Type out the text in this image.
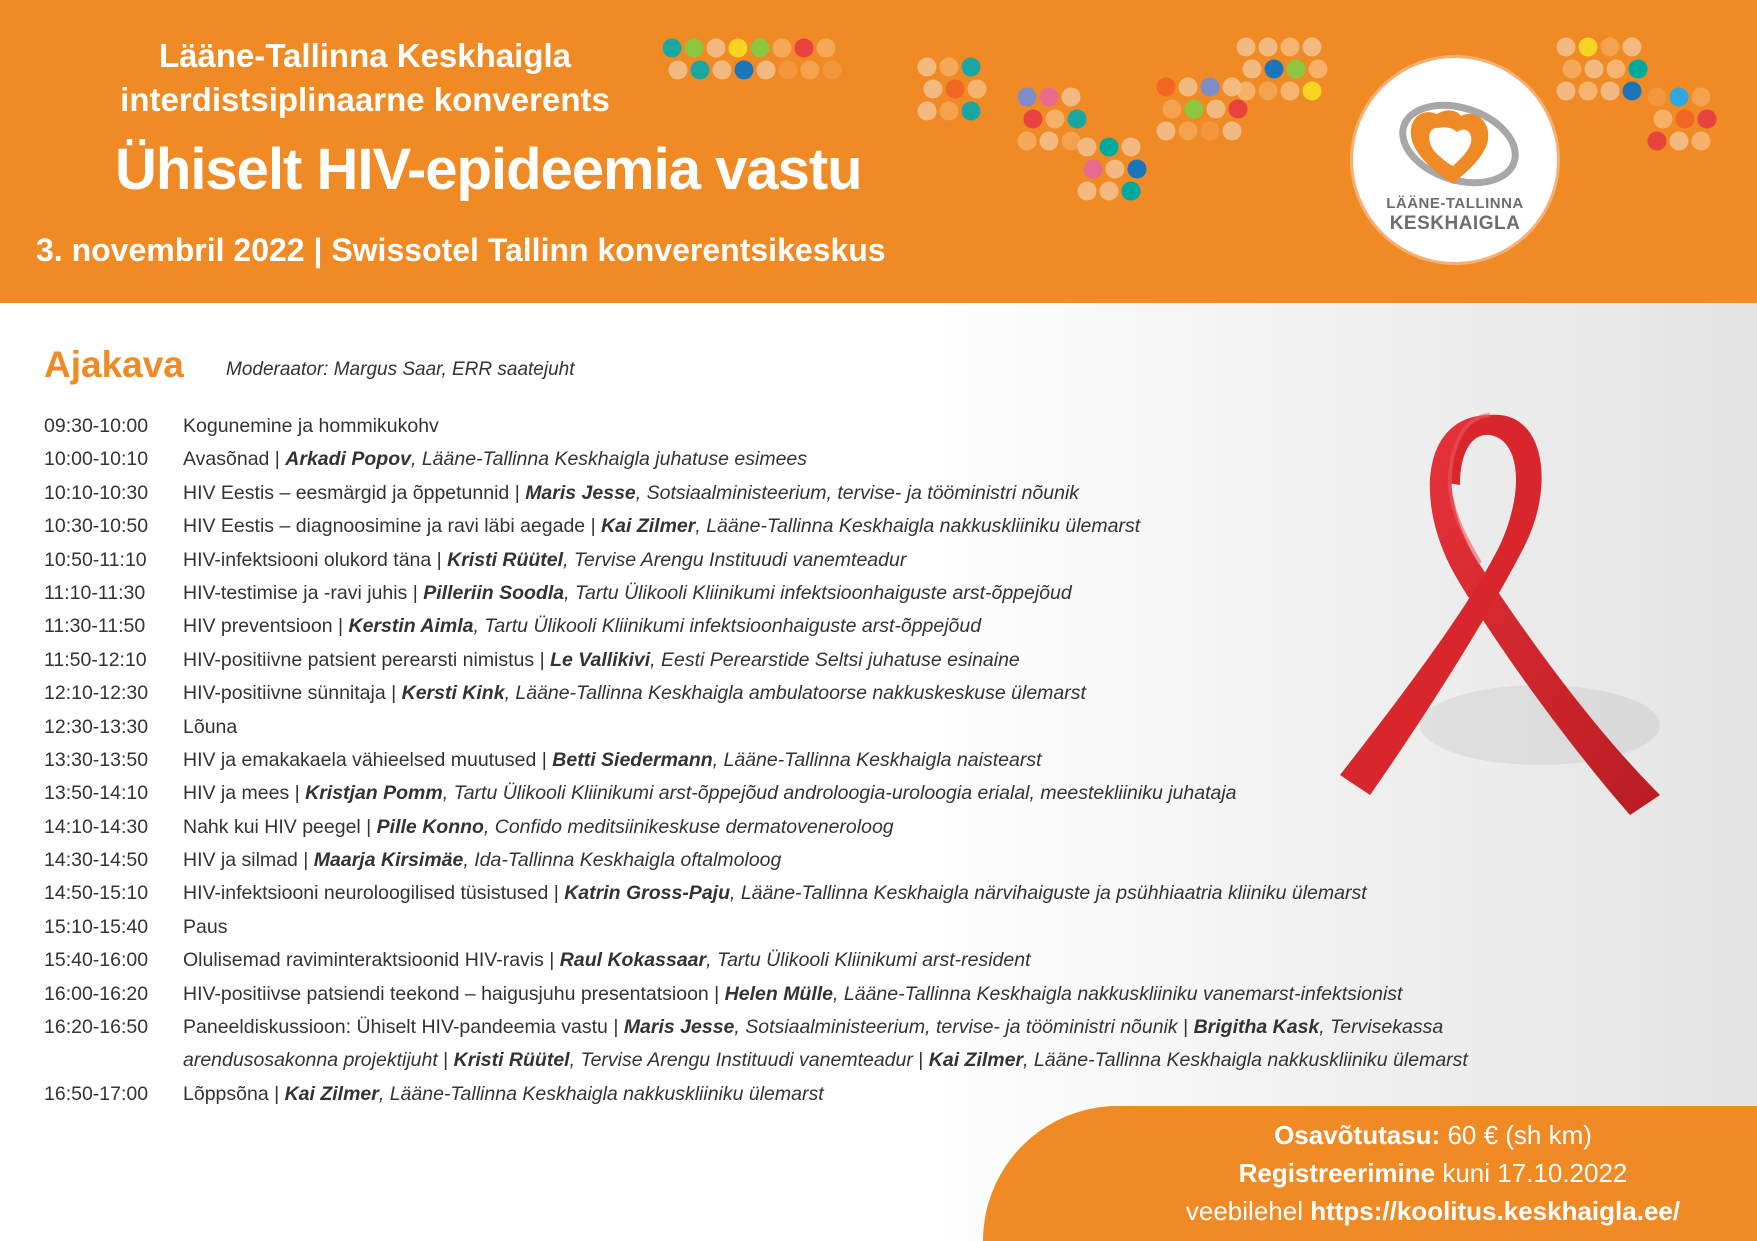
Lääne-Tallinna Keskhaigla
interdistsiplinaarne konverents
Ühiselt HIV-epideemia vastu
3. novembril 2022 | Swissotel Tallinn konverentsikeskus
LÄÄNE-TALLINNA
KESKHAIGLA
Ajakava Moderaator: Margus Saar, ERR saatejuht
09:30-10:00	Kogunemine ja hommikukohv
10:00-10:10	Avasõnad | Arkadi Popov, Lääne-Tallinna Keskhaigla juhatuse esimees
10:10-10:30	HIV Eestis – eesmärgid ja õppetunnid | Maris Jesse, Sotsiaalministeerium, tervise- ja tööministri nõunik
10:30-10:50	HIV Eestis – diagnoosimine ja ravi läbi aegade | Kai Zilmer, Lääne-Tallinna Keskhaigla nakkuskliiniku ülemarst
10:50-11:10	HIV-infektsiooni olukord täna | Kristi Rüütel, Tervise Arengu Instituudi vanemteadur
11:10-11:30	HIV-testimise ja -ravi juhis | Pilleriin Soodla, Tartu Ülikooli Kliinikumi infektsioonhaiguste arst-õppejõud
11:30-11:50	HIV preventsioon | Kerstin Aimla, Tartu Ülikooli Kliinikumi infektsioonhaiguste arst-õppejõud
11:50-12:10	HIV-positiivne patsient perearsti nimistus | Le Vallikivi, Eesti Perearstide Seltsi juhatuse esinaine
12:10-12:30	HIV-positiivne sünnitaja | Kersti Kink, Lääne-Tallinna Keskhaigla ambulatoorse nakkuskeskuse ülemarst
12:30-13:30	Lõuna
13:30-13:50	HIV ja emakakaela vähieelsed muutused | Betti Siedermann, Lääne-Tallinna Keskhaigla naistearst
13:50-14:10	HIV ja mees | Kristjan Pomm, Tartu Ülikooli Kliinikumi arst-õppejõud androloogia-uroloogia erialal, meestekliiniku juhataja
14:10-14:30	Nahk kui HIV peegel | Pille Konno, Confido meditsiinikeskuse dermatoveneroloog
14:30-14:50	HIV ja silmad | Maarja Kirsimäe, Ida-Tallinna Keskhaigla oftalmoloog
14:50-15:10	HIV-infektsiooni neuroloogilised tüsistused | Katrin Gross-Paju, Lääne-Tallinna Keskhaigla närvihaiguste ja psühhiaatria kliiniku ülemarst
15:10-15:40	Paus
15:40-16:00	Olulisemad raviminteraktsioonid HIV-ravis | Raul Kokassaar, Tartu Ülikooli Kliinikumi arst-resident
16:00-16:20	HIV-positiivse patsiendi teekond – haigusjuhu presentatsioon | Helen Mülle, Lääne-Tallinna Keskhaigla nakkuskliiniku vanemarst-infektsionist
16:20-16:50	Paneeldiskussioon: Ühiselt HIV-pandeemia vastu | Maris Jesse, Sotsiaalministeerium, tervise- ja tööministri nõunik | Brigitha Kask, Tervisekassa
arendusosakonna projektijuht | Kristi Rüütel, Tervise Arengu Instituudi vanemteadur | Kai Zilmer, Lääne-Tallinna Keskhaigla nakkuskliiniku ülemarst
16:50-17:00	Lõppsõna | Kai Zilmer, Lääne-Tallinna Keskhaigla nakkuskliiniku ülemarst
Osavõtutasu: 60 € (sh km)
Registreerimine kuni 17.10.2022
veebilehel https://koolitus.keskhaigla.ee/
